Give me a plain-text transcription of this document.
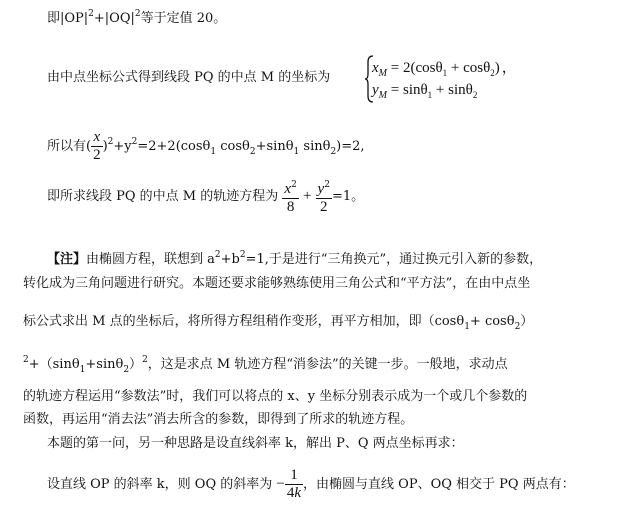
即$|OP|^2+|OQ|^2$等于定值 20。
由中点坐标公式得到线段 PQ 的中点 M 的坐标为
$x_M = 2(\cos\theta_1 + \cos\theta_2)$ ，
$y_M = \sin\theta_1 + \sin\theta_2$
所以有( $\frac{x}{2} )^2+y^2=2+2(\cos\theta_1$ cosθ$_2$+sinθ$_1$ sinθ$_2$)=2,
即所求线段 PQ 的中点 M 的轨迹方程为 $\frac{x^2}{8} + \frac{y^2}{2} =1$。
【注】由椭圆方程，联想到 $a^2+b^2=1$,于是进行“三角换元”，通过换元引入新的参数，
转化成为三角问题进行研究。本题还要求能够熟练使用三角公式和“平方法”，在由中点坐
标公式求出 M 点的坐标后，将所得方程组稍作变形，再平方相加，即（cosθ$_1$+ cosθ$_2$）
$^2+(\sin\theta_1+\sin\theta_2)^2$，这是求点 M 轨迹方程“消参法”的关键一步。一般地，求动点
的轨迹方程运用“参数法”时，我们可以将点的 x、y 坐标分别表示成为一个或几个参数的
函数，再运用“消去法”消去所含的参数，即得到了所求的轨迹方程。
本题的第一问，另一种思路是设直线斜率 k，解出 P、Q 两点坐标再求：
设直线 OP 的斜率 k，则 OQ 的斜率为 − $\frac{1}{4k}$ ，由椭圆与直线 OP、OQ 相交于 PQ 两点有：
